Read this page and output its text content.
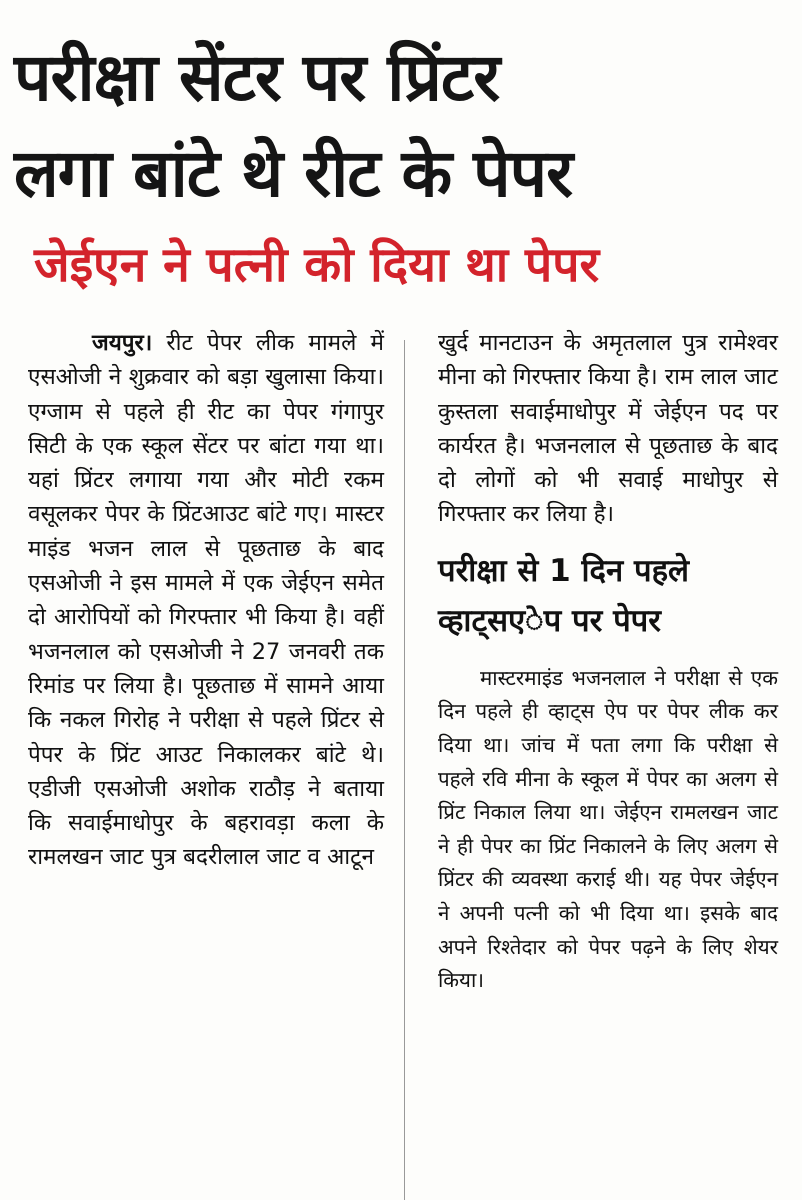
परीक्षा सेंटर पर प्रिंटर
लगा बांटे थे रीट के पेपर
जेईएन ने पत्नी को दिया था पेपर

जयपुर। रीट पेपर लीक मामले में एसओजी ने शुक्रवार को बड़ा खुलासा किया। एग्जाम से पहले ही रीट का पेपर गंगापुर सिटी के एक स्कूल सेंटर पर बांटा गया था। यहां प्रिंटर लगाया गया और मोटी रकम वसूलकर पेपर के प्रिंटआउट बांटे गए। मास्टर माइंड भजन लाल से पूछताछ के बाद एसओजी ने इस मामले में एक जेईएन समेत दो आरोपियों को गिरफ्तार भी किया है। वहीं भजनलाल को एसओजी ने 27 जनवरी तक रिमांड पर लिया है। पूछताछ में सामने आया कि नकल गिरोह ने परीक्षा से पहले प्रिंटर से पेपर के प्रिंट आउट निकालकर बांटे थे। एडीजी एसओजी अशोक राठौड़ ने बताया कि सवाईमाधोपुर के बहरावड़ा कला के रामलखन जाट पुत्र बदरीलाल जाट व आटून

खुर्द मानटाउन के अमृतलाल पुत्र रामेश्वर मीना को गिरफ्तार किया है। राम लाल जाट कुस्तला सवाईमाधोपुर में जेईएन पद पर कार्यरत है। भजनलाल से पूछताछ के बाद दो लोगों को भी सवाई माधोपुर से गिरफ्तार कर लिया है।

परीक्षा से 1 दिन पहले
व्हाट्सएेप पर पेपर

मास्टरमाइंड भजनलाल ने परीक्षा से एक दिन पहले ही व्हाट्स ऐप पर पेपर लीक कर दिया था। जांच में पता लगा कि परीक्षा से पहले रवि मीना के स्कूल में पेपर का अलग से प्रिंट निकाल लिया था। जेईएन रामलखन जाट ने ही पेपर का प्रिंट निकालने के लिए अलग से प्रिंटर की व्यवस्था कराई थी। यह पेपर जेईएन ने अपनी पत्नी को भी दिया था। इसके बाद अपने रिश्तेदार को पेपर पढ़ने के लिए शेयर किया।
